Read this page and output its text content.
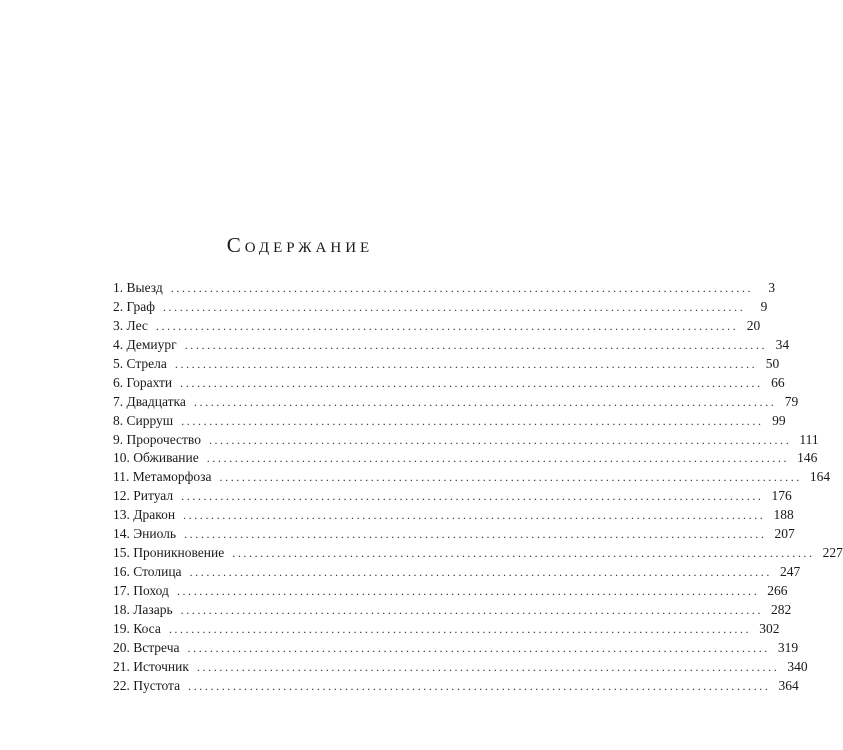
Содержание
1. Выезд ........................................................................................................	3
2. Граф ........................................................................................................	9
3. Лес ........................................................................................................ 20
4. Демиург ........................................................................................................ 34
5. Стрела ........................................................................................................ 50
6. Горахти ........................................................................................................ 66
7. Двадцатка ........................................................................................................ 79
8. Сирруш ........................................................................................................ 99
9. Пророчество ........................................................................................................ 111
10. Обживание ........................................................................................................ 146
11. Метаморфоза ........................................................................................................ 164
12. Ритуал ........................................................................................................ 176
13. Дракон ........................................................................................................ 188
14. Эниоль ........................................................................................................ 207
15. Проникновение ........................................................................................................ 227
16. Столица ........................................................................................................ 247
17. Поход ........................................................................................................ 266
18. Лазарь ........................................................................................................ 282
19. Коса ........................................................................................................ 302
20. Встреча ........................................................................................................ 319
21. Источник ........................................................................................................ 340
22. Пустота ........................................................................................................ 364
